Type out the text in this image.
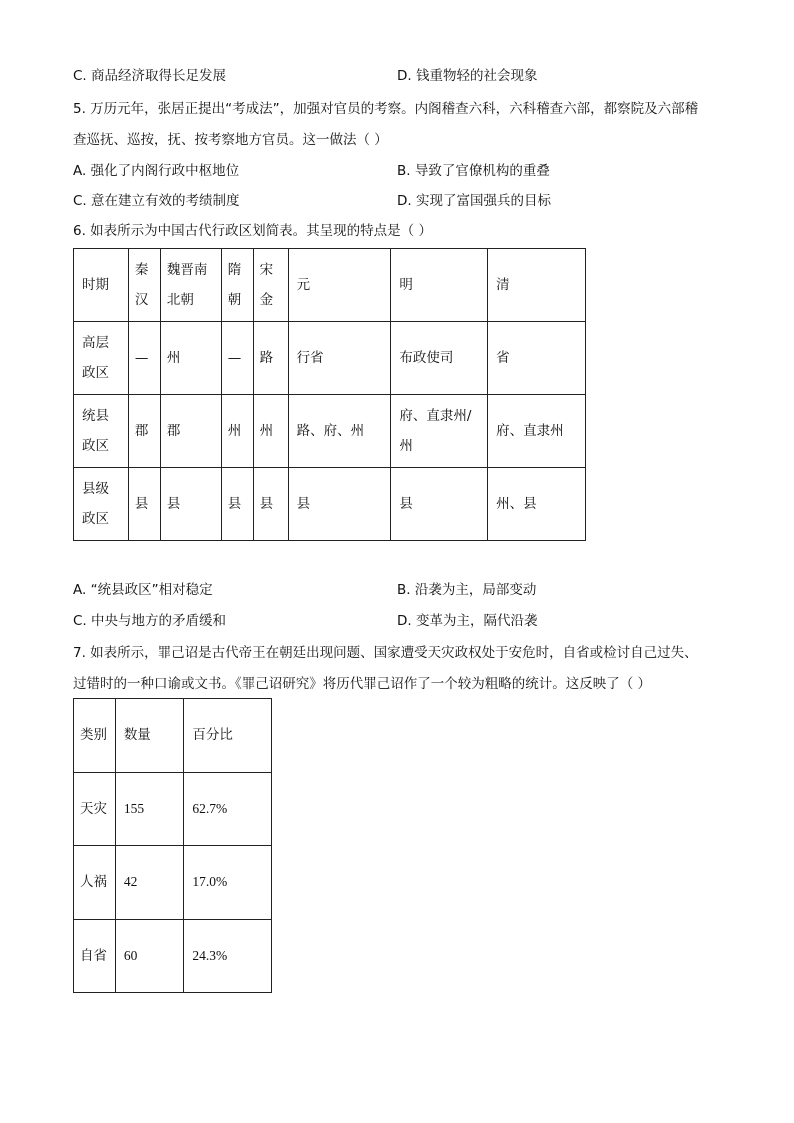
C. 商品经济取得长足发展	D. 钱重物轻的社会现象
5. 万历元年，张居正提出“考成法”，加强对官员的考察。内阁稽查六科，六科稽查六部，都察院及六部稽
查巡抚、巡按，抚、按考察地方官员。这一做法（ ）
A. 强化了内阁行政中枢地位	B. 导致了官僚机构的重叠
C. 意在建立有效的考绩制度	D. 实现了富国强兵的目标
6. 如表所示为中国古代行政区划简表。其呈现的特点是（ ）
时期	秦汉	魏晋南北朝	隋朝	宋金	元	明	清
高层政区	—	州	—	路	行省	布政使司	省
统县政区	郡	郡	州	州	路、府、州	府、直隶州/州	府、直隶州
县级政区	县	县	县	县	县	县	州、县
A. “统县政区”相对稳定	B. 沿袭为主，局部变动
C. 中央与地方的矛盾缓和	D. 变革为主，隔代沿袭
7. 如表所示，罪己诏是古代帝王在朝廷出现问题、国家遭受天灾政权处于安危时，自省或检讨自己过失、
过错时的一种口谕或文书。《罪己诏研究》将历代罪己诏作了一个较为粗略的统计。这反映了（ ）
类别	数量	百分比
天灾	155	62.7%
人祸	42	17.0%
自省	60	24.3%
